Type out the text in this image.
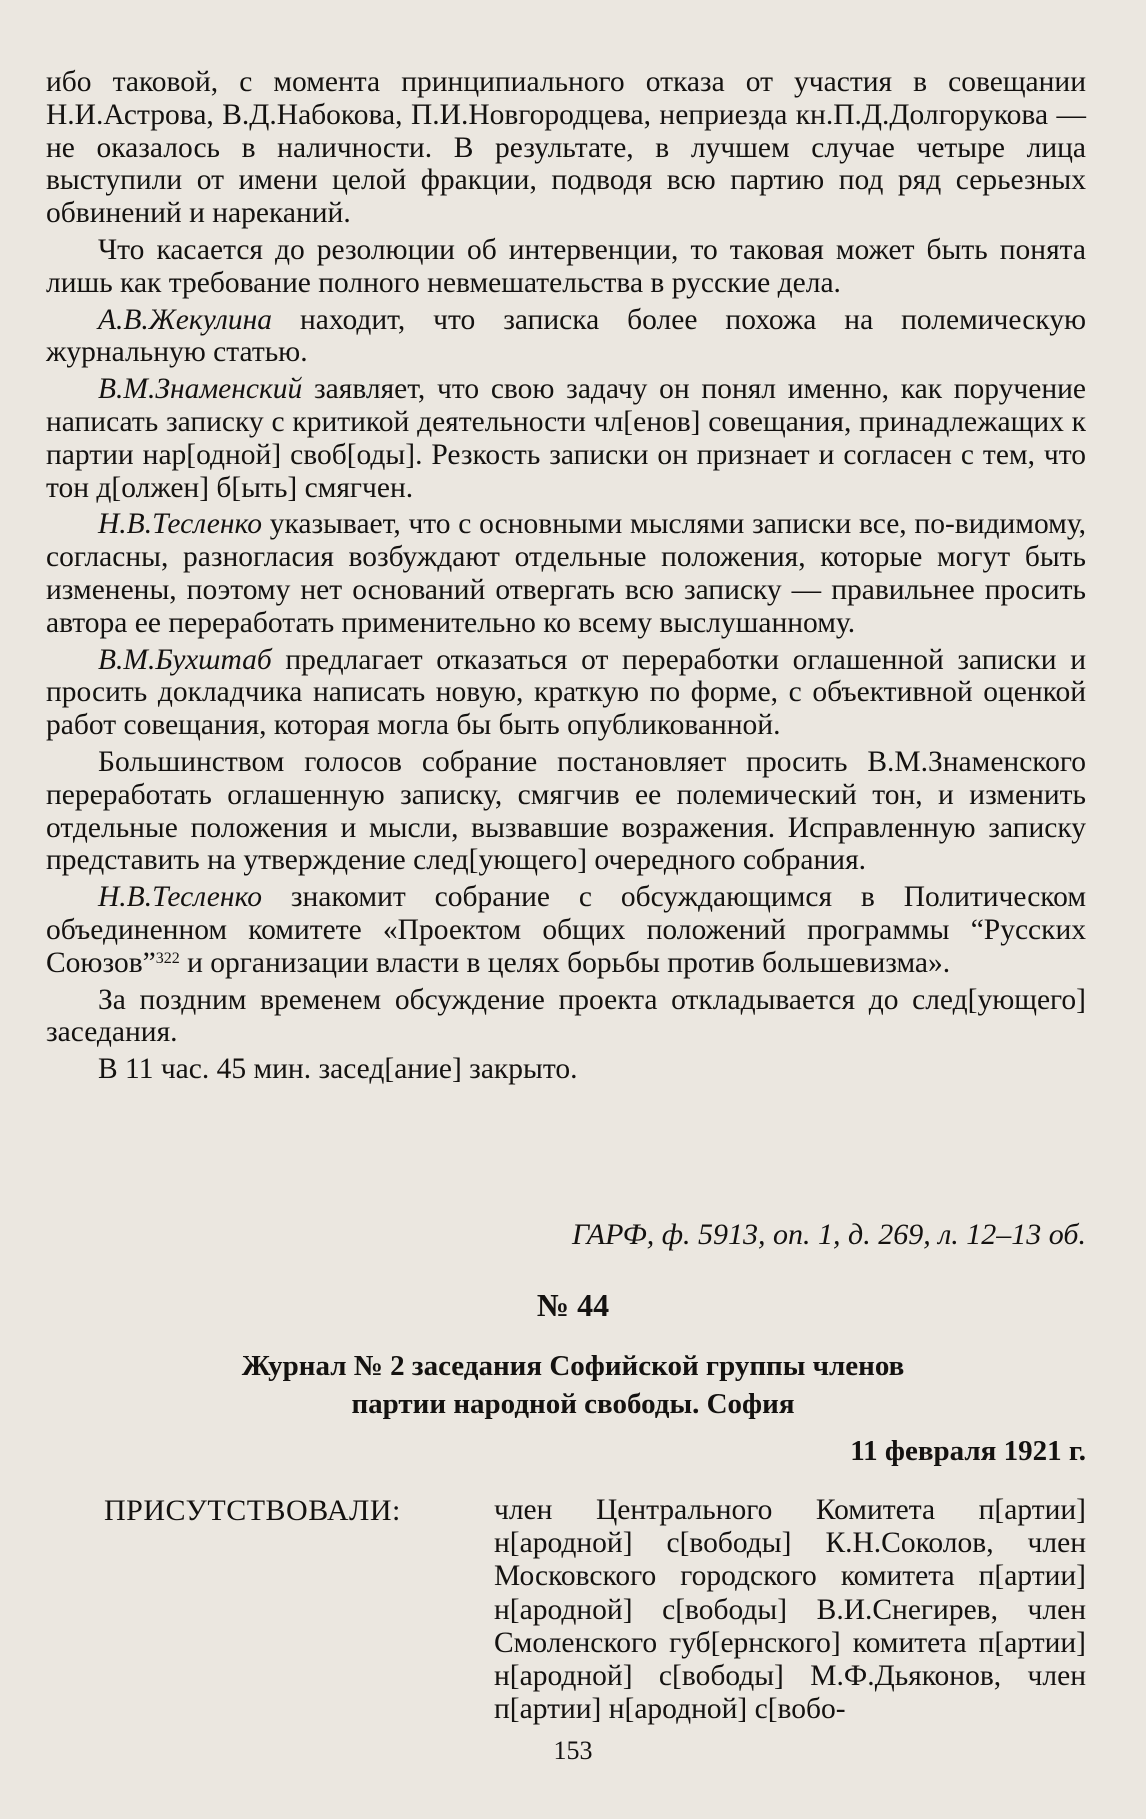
ибо таковой, с момента принципиального отказа от участия в совещании Н.И.Астрова, В.Д.Набокова, П.И.Новгородцева, неприезда кн.П.Д.Долгорукова — не оказалось в наличности. В результате, в лучшем случае четыре лица выступили от имени целой фракции, подводя всю партию под ряд серьезных обвинений и нареканий.

Что касается до резолюции об интервенции, то таковая может быть понята лишь как требование полного невмешательства в русские дела.

А.В.Жекулина находит, что записка более похожа на полемическую журнальную статью.

В.М.Знаменский заявляет, что свою задачу он понял именно, как поручение написать записку с критикой деятельности чл[енов] совещания, принадлежащих к партии нар[одной] своб[оды]. Резкость записки он признает и согласен с тем, что тон д[олжен] б[ыть] смягчен.

Н.В.Тесленко указывает, что с основными мыслями записки все, по-видимому, согласны, разногласия возбуждают отдельные положения, которые могут быть изменены, поэтому нет оснований отвергать всю записку — правильнее просить автора ее переработать применительно ко всему выслушанному.

В.М.Бухштаб предлагает отказаться от переработки оглашенной записки и просить докладчика написать новую, краткую по форме, с объективной оценкой работ совещания, которая могла бы быть опубликованной.

Большинством голосов собрание постановляет просить В.М.Знаменского переработать оглашенную записку, смягчив ее полемический тон, и изменить отдельные положения и мысли, вызвавшие возражения. Исправленную записку представить на утверждение след[ующего] очередного собрания.

Н.В.Тесленко знакомит собрание с обсуждающимся в Политическом объединенном комитете «Проектом общих положений программы “Русских Союзов”$^{322}$ и организации власти в целях борьбы против большевизма».

За поздним временем обсуждение проекта откладывается до след[ующего] заседания.

В 11 час. 45 мин. засед[ание] закрыто.

ГАРФ, ф. 5913, оп. 1, д. 269, л. 12–13 об.
№ 44
Журнал № 2 заседания Софийской группы членов
партии народной свободы. София
11 февраля 1921 г.
ПРИСУТСТВОВАЛИ:	член Центрального Комитета п[артии] н[ародной] с[вободы] К.Н.Соколов, член Московского городского комитета п[артии] н[ародной] с[вободы] В.И.Снегирев, член Смоленского губ[ернского] комитета п[артии] н[ародной] с[вободы] М.Ф.Дьяконов, член п[артии] н[ародной] с[вобо-
153
